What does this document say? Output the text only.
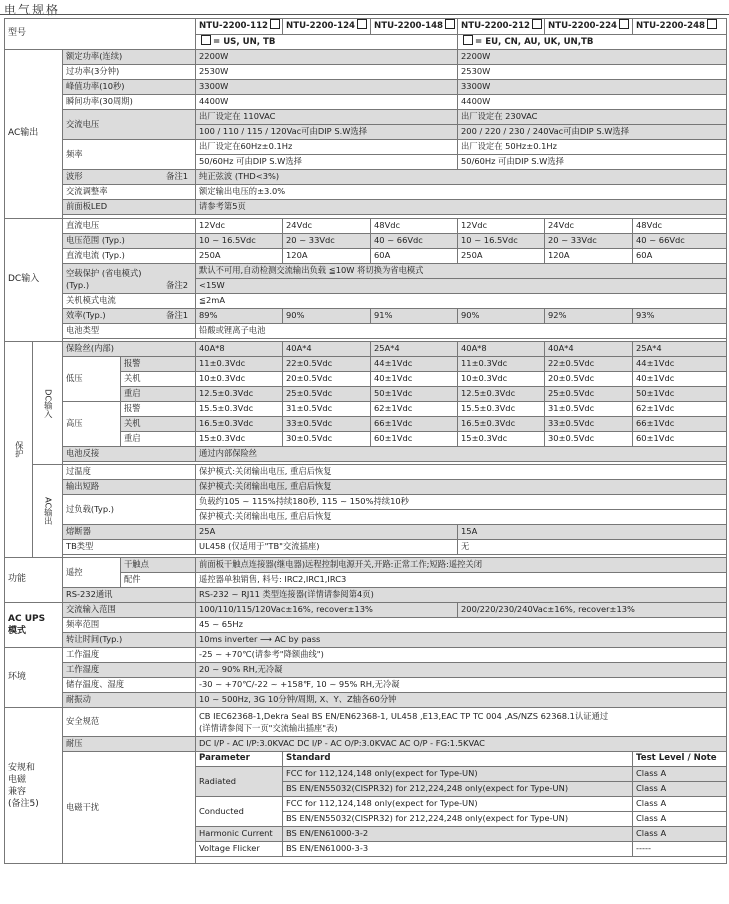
电气规格
型号				NTU-2200-112	NTU-2200-124	NTU-2200-148	NTU-2200-212	NTU-2200-224	NTU-2200-248
				= US, UN, TB			= EU, CN, AU, UK, UN,TB		
AC输出		额定功率(连续)		2200W			2200W		
		过功率(3分钟)		2530W			2530W		
		峰值功率(10秒)		3300W			3300W		
		瞬间功率(30周期)		4400W			4400W		
		交流电压		出厂设定在 110VAC			出厂设定在 230VAC		
				100 / 110 / 115 / 120Vac可由DIP S.W选择			200 / 220 / 230 / 240Vac可由DIP S.W选择		
		频率		出厂设定在60Hz±0.1Hz			出厂设定在 50Hz±0.1Hz		
				50/60Hz 可由DIP S.W选择			50/60Hz 可由DIP S.W选择		
		波形 备注1		纯正弦波 (THD<3%)					
		交流调整率		额定输出电压的±3.0%					
		前面板LED		请参考第5页					

DC输入		直流电压		12Vdc	24Vdc	48Vdc	12Vdc	24Vdc	48Vdc
		电压范围 (Typ.)		10 ~ 16.5Vdc	20 ~ 33Vdc	40 ~ 66Vdc	10 ~ 16.5Vdc	20 ~ 33Vdc	40 ~ 66Vdc
		直流电流 (Typ.)		250A	120A	60A	250A	120A	60A
		空载保护 (省电模式)
(Typ.) 备注2		默认不可用,自动检测交流输出负载 ≦10W 将切换为省电模式					
				<15W					
		关机模式电流		≦2mA					
		效率(Typ.) 备注1		89%	90%	91%	90%	92%	93%
		电池类型		铅酸或锂离子电池					

保护	DC输入	保险丝(内部)		40A*8	40A*4	25A*4	40A*8	40A*4	25A*4
		低压	报警	11±0.3Vdc	22±0.5Vdc	44±1Vdc	11±0.3Vdc	22±0.5Vdc	44±1Vdc
			关机	10±0.3Vdc	20±0.5Vdc	40±1Vdc	10±0.3Vdc	20±0.5Vdc	40±1Vdc
			重启	12.5±0.3Vdc	25±0.5Vdc	50±1Vdc	12.5±0.3Vdc	25±0.5Vdc	50±1Vdc
		高压	报警	15.5±0.3Vdc	31±0.5Vdc	62±1Vdc	15.5±0.3Vdc	31±0.5Vdc	62±1Vdc
			关机	16.5±0.3Vdc	33±0.5Vdc	66±1Vdc	16.5±0.3Vdc	33±0.5Vdc	66±1Vdc
			重启	15±0.3Vdc	30±0.5Vdc	60±1Vdc	15±0.3Vdc	30±0.5Vdc	60±1Vdc
		电池反接		通过内部保险丝					

	AC输出	过温度		保护模式:关闭输出电压, 重启后恢复					
		输出短路		保护模式:关闭输出电压, 重启后恢复					
		过负载(Typ.)		负载约105 ~ 115%持续180秒, 115 ~ 150%持续10秒					
				保护模式:关闭输出电压, 重启后恢复					
		熔断器		25A			15A		
		TB类型		UL458 (仅适用于"TB"交流插座)			无		

功能		遥控	干触点	前面板干触点连接器(继电器)远程控制电源开关,开路:正常工作;短路:遥控关闭					
			配件	遥控器单独销售, 料号: IRC2,IRC1,IRC3					
		RS-232通讯		RS-232 ~ RJ11 类型连接器(详情请参阅第4页)					
AC UPS
模式		交流输入范围		100/110/115/120Vac±16%, recover±13%			200/220/230/240Vac±16%, recover±13%		
		频率范围		45 ~ 65Hz					
		转让时间(Typ.)		10ms inverter ⟶ AC by pass					
环境		工作温度		-25 ~ +70℃(请参考"降额曲线")					
		工作湿度		20 ~ 90% RH,无冷凝					
		储存温度、湿度		-30 ~ +70℃/-22 ~ +158℉, 10 ~ 95% RH,无冷凝					
		耐振动		10 ~ 500Hz, 3G 10分钟/周期, X、Y、Z轴各60分钟					
安规和
电磁
兼容
(备注5)		安全规范		CB IEC62368-1,Dekra Seal BS EN/EN62368-1, UL458 ,E13,EAC TP TC 004 ,AS/NZS 62368.1认证通过
(详情请参阅下一页"交流输出插座"表)					
		耐压		DC I/P - AC I/P:3.0KVAC DC I/P - AC O/P:3.0KVAC AC O/P - FG:1.5KVAC					
		电磁干扰		Parameter	Standard				Test Level / Note
				Radiated	FCC for 112,124,148 only(expect for Type-UN)				Class A
					BS EN/EN55032(CISPR32) for 212,224,248 only(expect for Type-UN)				Class A
				Conducted	FCC for 112,124,148 only(expect for Type-UN)				Class A
					BS EN/EN55032(CISPR32) for 212,224,248 only(expect for Type-UN)				Class A
				Harmonic Current	BS EN/EN61000-3-2				Class A
				Voltage Flicker	BS EN/EN61000-3-3				-----
